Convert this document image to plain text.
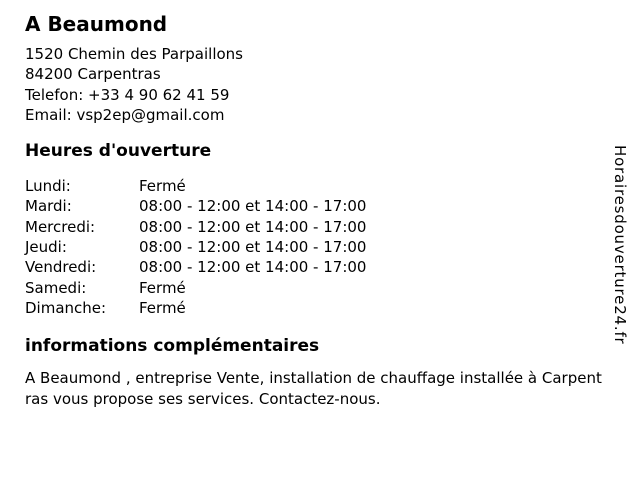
A Beaumond
1520 Chemin des Parpaillons
84200 Carpentras
Telefon: +33 4 90 62 41 59
Email: vsp2ep@gmail.com
Heures d'ouverture
Lundi:	Fermé
Mardi:	08:00 - 12:00 et 14:00 - 17:00
Mercredi:	08:00 - 12:00 et 14:00 - 17:00
Jeudi:	08:00 - 12:00 et 14:00 - 17:00
Vendredi:	08:00 - 12:00 et 14:00 - 17:00
Samedi:	Fermé
Dimanche:	Fermé
informations complémentaires

A Beaumond , entreprise Vente, installation de chauffage installée à Carpentras vous propose ses services. Contactez-nous.

Horairesdouverture24.fr
